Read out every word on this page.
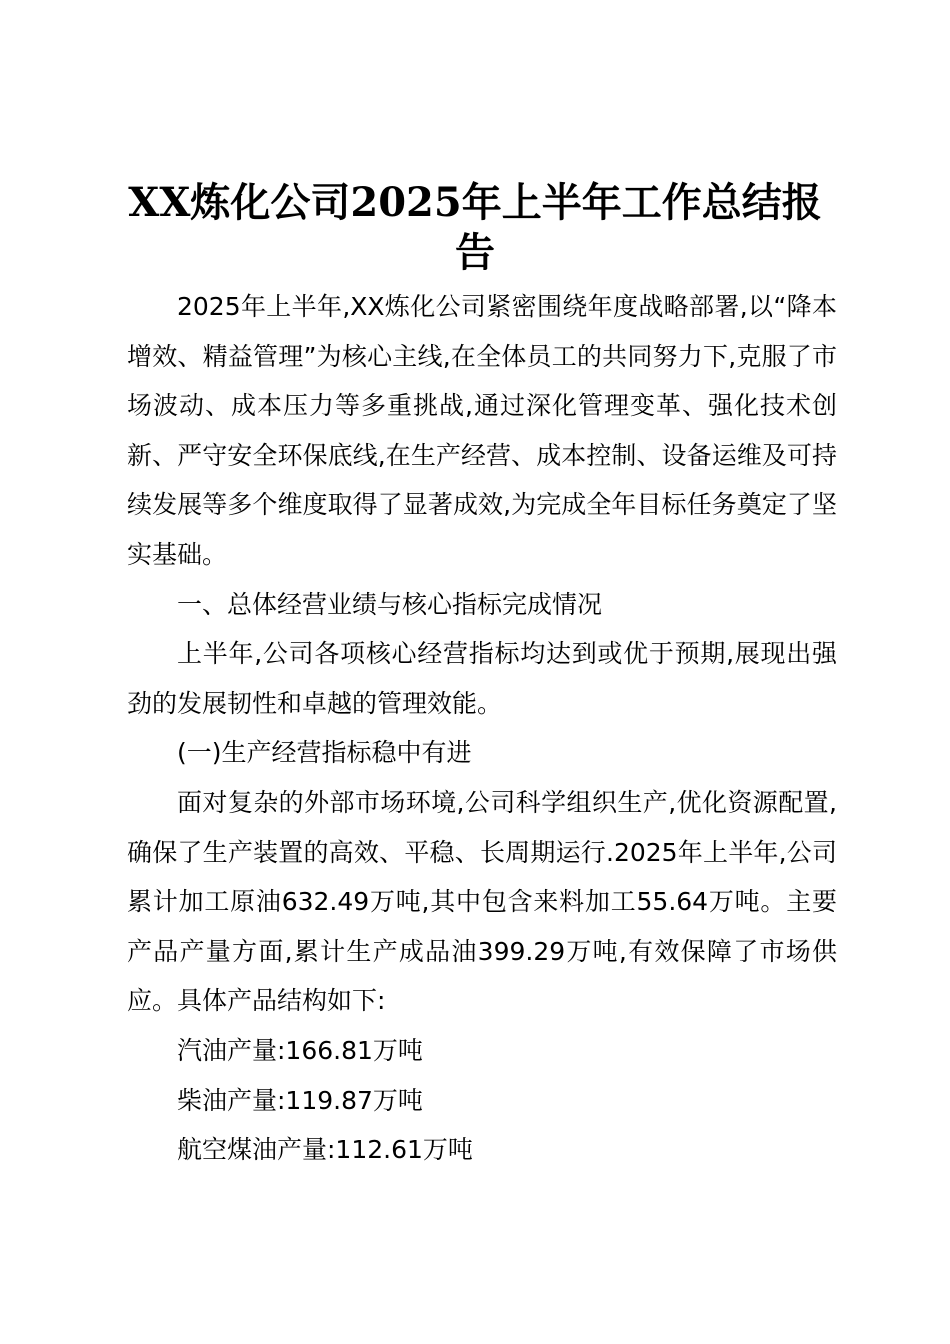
XX炼化公司2025年上半年工作总结报告

2025年上半年,XX炼化公司紧密围绕年度战略部署,以“降本增效、精益管理”为核心主线,在全体员工的共同努力下,克服了市场波动、成本压力等多重挑战,通过深化管理变革、强化技术创新、严守安全环保底线,在生产经营、成本控制、设备运维及可持续发展等多个维度取得了显著成效,为完成全年目标任务奠定了坚实基础。

一、总体经营业绩与核心指标完成情况

上半年,公司各项核心经营指标均达到或优于预期,展现出强劲的发展韧性和卓越的管理效能。

(一)生产经营指标稳中有进

面对复杂的外部市场环境,公司科学组织生产,优化资源配置,确保了生产装置的高效、平稳、长周期运行.2025年上半年,公司累计加工原油632.49万吨,其中包含来料加工55.64万吨。主要产品产量方面,累计生产成品油399.29万吨,有效保障了市场供应。具体产品结构如下:

汽油产量:166.81万吨

柴油产量:119.87万吨

航空煤油产量:112.61万吨
